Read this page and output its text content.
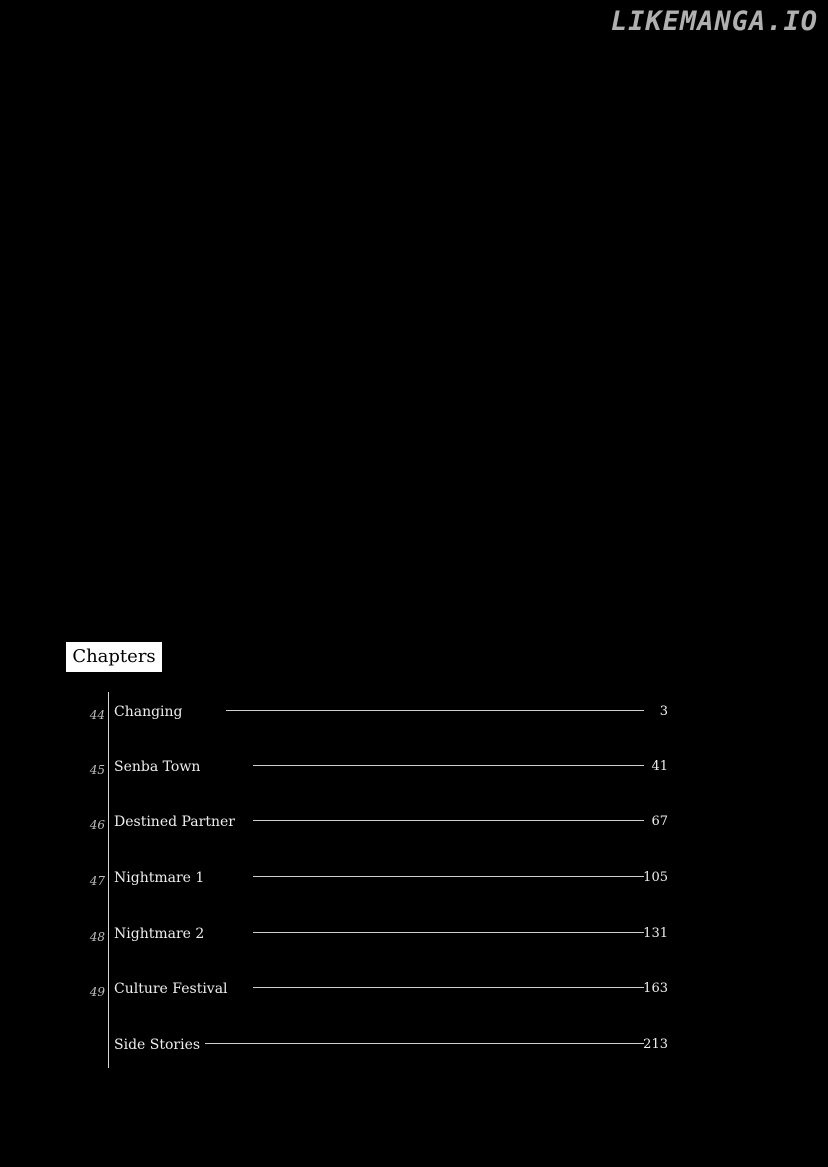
LIKEMANGA.IO
Chapters
44 Changing	3
45 Senba Town	41
46 Destined Partner	67
47 Nightmare 1	105
48 Nightmare 2	131
49 Culture Festival	163
Side Stories	213
